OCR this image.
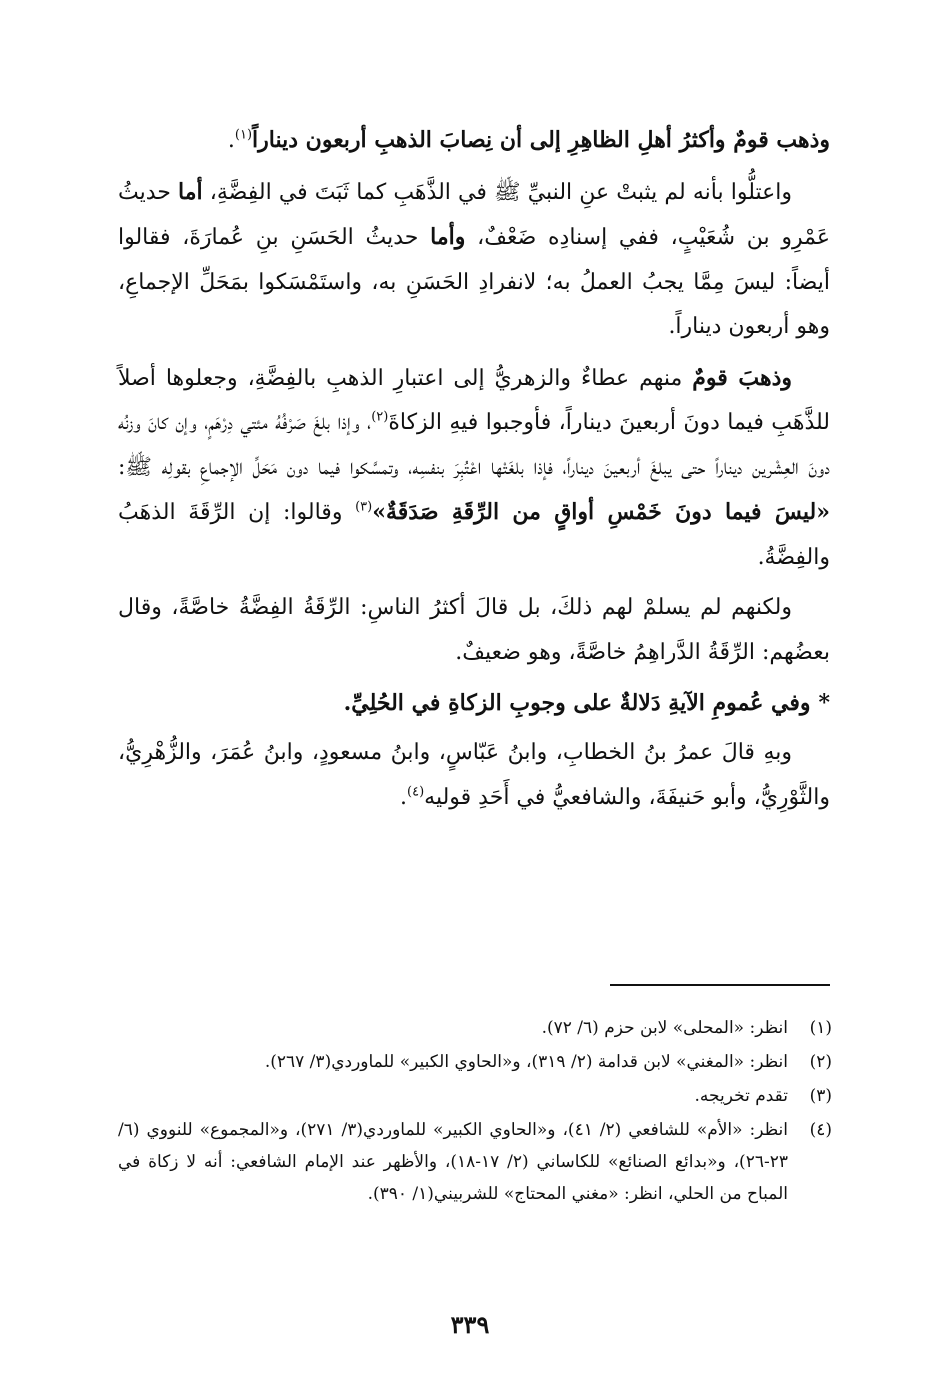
وذهب قومٌ وأكثرُ أهلِ الظاهِرِ إلى أن نِصابَ الذهبِ أربعون ديناراً$^{(١)}$.

واعتلُّوا بأنه لم يثبتْ عنِ النبيِّ ﷺ في الذَّهَبِ كما ثَبَتَ في الفِضَّةِ، أما حديثُ عَمْرِو بن شُعَيْبٍ، ففي إسنادِه ضَعْفٌ، وأما حديثُ الحَسَنِ بنِ عُمارَةَ، فقالوا أيضاً: ليسَ مِمَّا يجبُ العملُ به؛ لانفرادِ الحَسَنِ به، واستَمْسَكوا بمَحَلِّ الإجماعِ، وهو أربعون ديناراً.

وذهبَ قومٌ منهم عطاءٌ والزهريُّ إلى اعتبارِ الذهبِ بالفِضَّةِ، وجعلوها أصلاً للذَّهَبِ فيما دونَ أربعينَ ديناراً، فأوجبوا فيهِ الزكاةَ$^{(٢)}$، وإذا بلغَ صَرْفُهُ مئتي دِرْهَمٍ، وإن كانَ وزنُه دونَ العِشْرين ديناراً حتى يبلغَ أربعينَ ديناراً، فإذا بلغَتْها اعْتُبِرَ بنفسِه، وتمسَّكوا فيما دون مَحَلِّ الإجماعِ بقولِه ﷺ: «ليسَ فيما دونَ خَمْسِ أواقٍ من الرِّقَةِ صَدَقَةٌ»$^{(٣)}$ وقالوا: إن الرِّقَةَ الذهَبُ والفِضَّةُ.

ولكنهم لم يسلمْ لهم ذلكَ، بل قالَ أكثرُ الناسِ: الرِّقَةُ الفِضَّةُ خاصَّةً، وقال بعضُهم: الرِّقَةُ الدَّراهِمُ خاصَّةً، وهو ضعيفٌ.

*وفي عُمومِ الآيةِ دَلالةٌ على وجوبِ الزكاةِ في الحُلِيِّ.

وبهِ قالَ عمرُ بنُ الخطابِ، وابنُ عَبّاسٍ، وابنُ مسعودٍ، وابنُ عُمَرَ، والزُّهْرِيُّ، والثَّوْرِيُّ، وأبو حَنيفَةَ، والشافعيُّ في أَحَدِ قوليه$^{(٤)}$.

(١)
انظر: «المحلى» لابن حزم (٦/ ٧٢).
(٢)
انظر: «المغني» لابن قدامة (٢/ ٣١٩)، و«الحاوي الكبير» للماوردي(٣/ ٢٦٧).
(٣)
تقدم تخريجه.
(٤)
انظر: «الأم» للشافعي (٢/ ٤١)، و«الحاوي الكبير» للماوردي(٣/ ٢٧١)، و«المجموع» للنووي (٦/ ٢٣-٢٦)، و«بدائع الصنائع» للكاساني (٢/ ١٧-١٨)، والأظهر عند الإمام الشافعي: أنه لا زكاة في المباح من الحلي، انظر: «مغني المحتاج» للشربيني(١/ ٣٩٠).
٣٣٩
